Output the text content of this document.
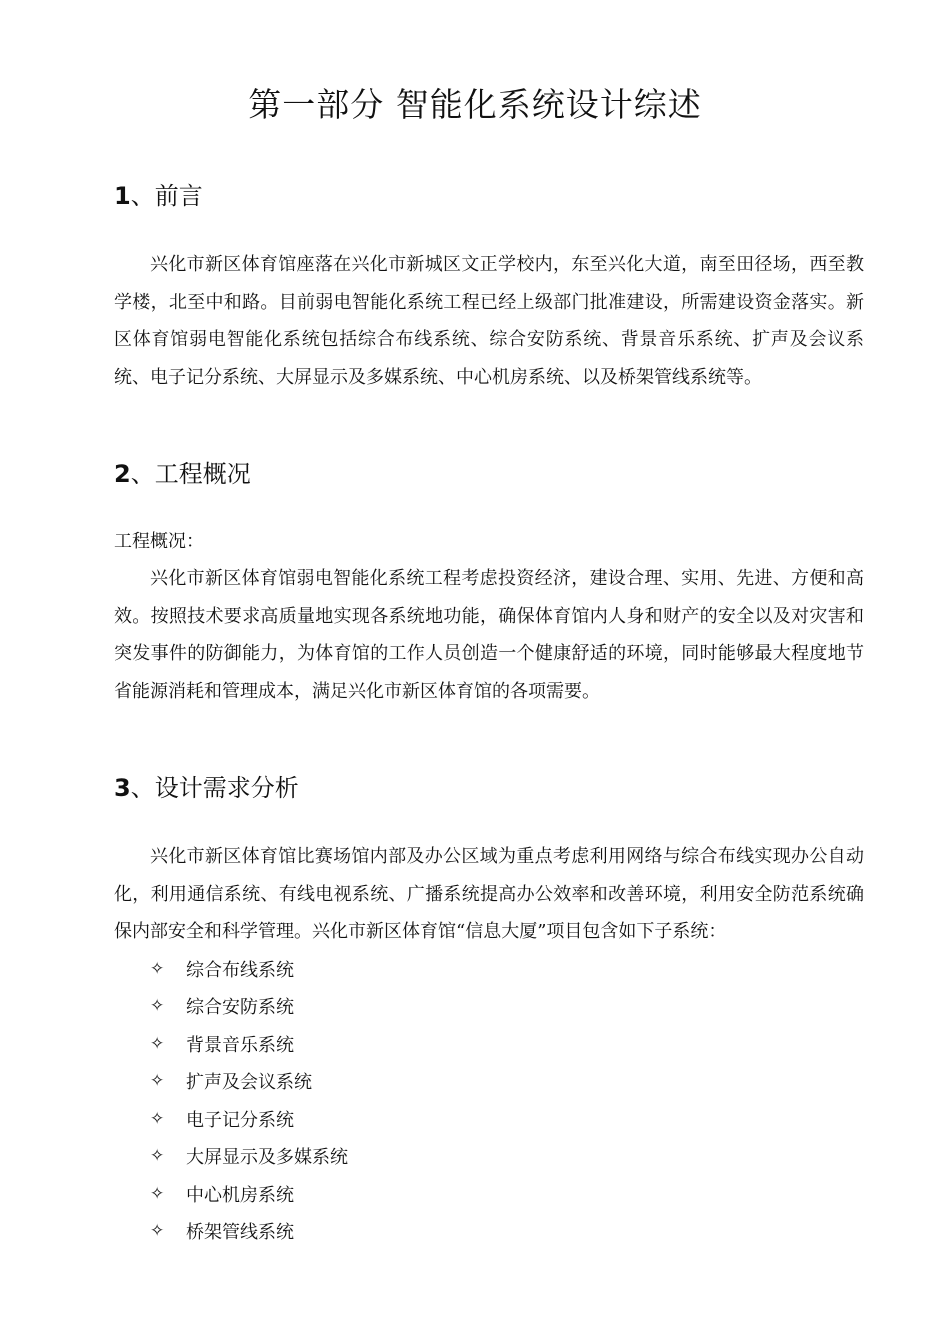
第一部分 智能化系统设计综述
1、前言

兴化市新区体育馆座落在兴化市新城区文正学校内，东至兴化大道，南至田径场，西至教学楼，北至中和路。目前弱电智能化系统工程已经上级部门批准建设，所需建设资金落实。新区体育馆弱电智能化系统包括综合布线系统、综合安防系统、背景音乐系统、扩声及会议系统、电子记分系统、大屏显示及多媒系统、中心机房系统、以及桥架管线系统等。

2、工程概况

工程概况：

兴化市新区体育馆弱电智能化系统工程考虑投资经济，建设合理、实用、先进、方便和高效。按照技术要求高质量地实现各系统地功能，确保体育馆内人身和财产的安全以及对灾害和突发事件的防御能力，为体育馆的工作人员创造一个健康舒适的环境，同时能够最大程度地节省能源消耗和管理成本，满足兴化市新区体育馆的各项需要。

3、设计需求分析

兴化市新区体育馆比赛场馆内部及办公区域为重点考虑利用网络与综合布线实现办公自动化，利用通信系统、有线电视系统、广播系统提高办公效率和改善环境，利用安全防范系统确保内部安全和科学管理。兴化市新区体育馆“信息大厦”项目包含如下子系统：

✧	综合布线系统
✧	综合安防系统
✧	背景音乐系统
✧	扩声及会议系统
✧	电子记分系统
✧	大屏显示及多媒系统
✧	中心机房系统
✧	桥架管线系统
